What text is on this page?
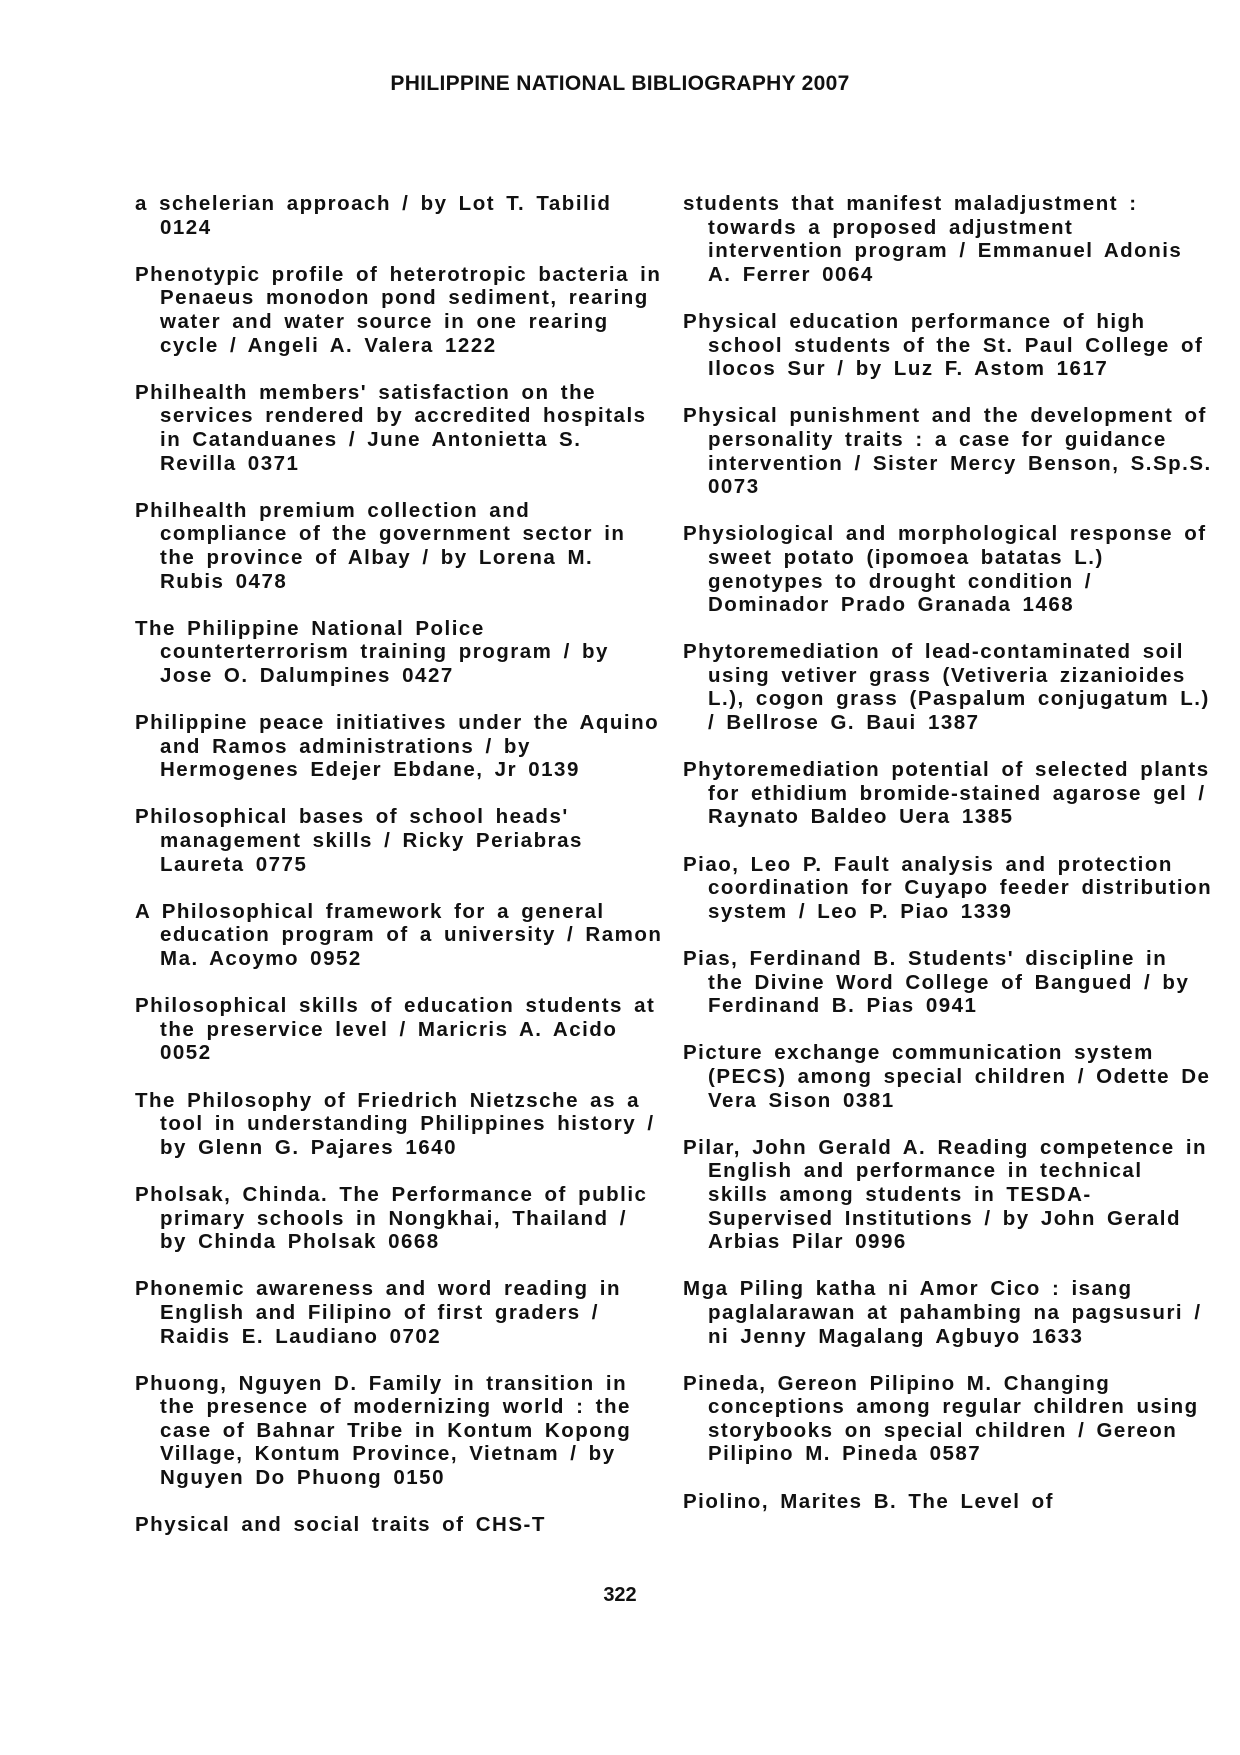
PHILIPPINE NATIONAL BIBLIOGRAPHY 2007

a schelerian approach / by Lot T. Tabilid 0124

Phenotypic profile of heterotropic bacteria in Penaeus monodon pond sediment, rearing water and water source in one rearing cycle / Angeli A. Valera 1222

Philhealth members' satisfaction on the services rendered by accredited hospitals in Catanduanes / June Antonietta S. Revilla 0371

Philhealth premium collection and compliance of the government sector in the province of Albay / by Lorena M. Rubis 0478

The Philippine National Police counterterrorism training program / by Jose O. Dalumpines 0427

Philippine peace initiatives under the Aquino and Ramos administrations / by Hermogenes Edejer Ebdane, Jr 0139

Philosophical bases of school heads' management skills / Ricky Periabras Laureta 0775

A Philosophical framework for a general education program of a university / Ramon Ma. Acoymo 0952

Philosophical skills of education students at the preservice level / Maricris A. Acido 0052

The Philosophy of Friedrich Nietzsche as a tool in understanding Philippines history / by Glenn G. Pajares 1640

Pholsak, Chinda. The Performance of public primary schools in Nongkhai, Thailand / by Chinda Pholsak 0668

Phonemic awareness and word reading in English and Filipino of first graders / Raidis E. Laudiano 0702

Phuong, Nguyen D. Family in transition in the presence of modernizing world : the case of Bahnar Tribe in Kontum Kopong Village, Kontum Province, Vietnam / by Nguyen Do Phuong 0150

Physical and social traits of CHS-T

students that manifest maladjustment : towards a proposed adjustment intervention program / Emmanuel Adonis A. Ferrer 0064

Physical education performance of high school students of the St. Paul College of Ilocos Sur / by Luz F. Astom 1617

Physical punishment and the development of personality traits : a case for guidance intervention / Sister Mercy Benson, S.Sp.S. 0073

Physiological and morphological response of sweet potato (ipomoea batatas L.) genotypes to drought condition / Dominador Prado Granada 1468

Phytoremediation of lead-contaminated soil using vetiver grass (Vetiveria zizanioides L.), cogon grass (Paspalum conjugatum L.) / Bellrose G. Baui 1387

Phytoremediation potential of selected plants for ethidium bromide-stained agarose gel / Raynato Baldeo Uera 1385

Piao, Leo P. Fault analysis and protection coordination for Cuyapo feeder distribution system / Leo P. Piao 1339

Pias, Ferdinand B. Students' discipline in the Divine Word College of Bangued / by Ferdinand B. Pias 0941

Picture exchange communication system (PECS) among special children / Odette De Vera Sison 0381

Pilar, John Gerald A. Reading competence in English and performance in technical skills among students in TESDA-Supervised Institutions / by John Gerald Arbias Pilar 0996

Mga Piling katha ni Amor Cico : isang paglalarawan at pahambing na pagsusuri / ni Jenny Magalang Agbuyo 1633

Pineda, Gereon Pilipino M. Changing conceptions among regular children using storybooks on special children / Gereon Pilipino M. Pineda 0587

Piolino, Marites B. The Level of

322
